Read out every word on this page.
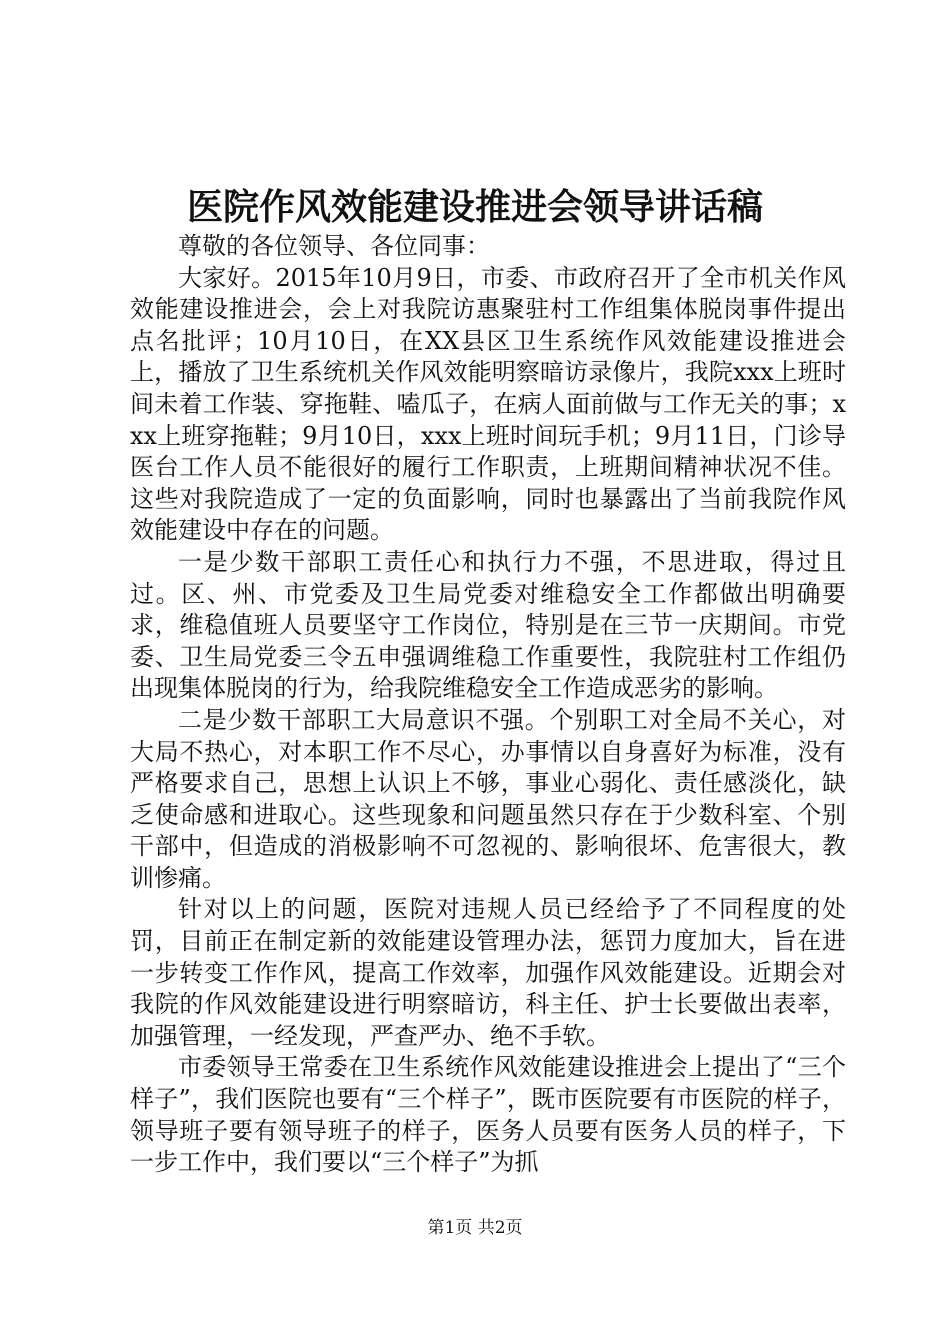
医院作风效能建设推进会领导讲话稿

尊敬的各位领导、各位同事：

大家好。2015年10月9日，市委、市政府召开了全市机关作风效能建设推进会，会上对我院访惠聚驻村工作组集体脱岗事件提出点名批评；10月10日，在XX县区卫生系统作风效能建设推进会上，播放了卫生系统机关作风效能明察暗访录像片，我院xxx上班时间未着工作装、穿拖鞋、嗑瓜子，在病人面前做与工作无关的事；xxx上班穿拖鞋；9月10日，xxx上班时间玩手机；9月11日，门诊导医台工作人员不能很好的履行工作职责，上班期间精神状况不佳。这些对我院造成了一定的负面影响，同时也暴露出了当前我院作风效能建设中存在的问题。

一是少数干部职工责任心和执行力不强，不思进取，得过且过。区、州、市党委及卫生局党委对维稳安全工作都做出明确要求，维稳值班人员要坚守工作岗位，特别是在三节一庆期间。市党委、卫生局党委三令五申强调维稳工作重要性，我院驻村工作组仍出现集体脱岗的行为，给我院维稳安全工作造成恶劣的影响。

二是少数干部职工大局意识不强。个别职工对全局不关心，对大局不热心，对本职工作不尽心，办事情以自身喜好为标准，没有严格要求自己，思想上认识上不够，事业心弱化、责任感淡化，缺乏使命感和进取心。这些现象和问题虽然只存在于少数科室、个别干部中，但造成的消极影响不可忽视的、影响很坏、危害很大，教训惨痛。

针对以上的问题，医院对违规人员已经给予了不同程度的处罚，目前正在制定新的效能建设管理办法，惩罚力度加大，旨在进一步转变工作作风，提高工作效率，加强作风效能建设。近期会对我院的作风效能建设进行明察暗访，科主任、护士长要做出表率，加强管理，一经发现，严查严办、绝不手软。

市委领导王常委在卫生系统作风效能建设推进会上提出了“三个样子”，我们医院也要有“三个样子”，既市医院要有市医院的样子，领导班子要有领导班子的样子，医务人员要有医务人员的样子，下一步工作中，我们要以“三个样子”为抓

第1页 共2页
